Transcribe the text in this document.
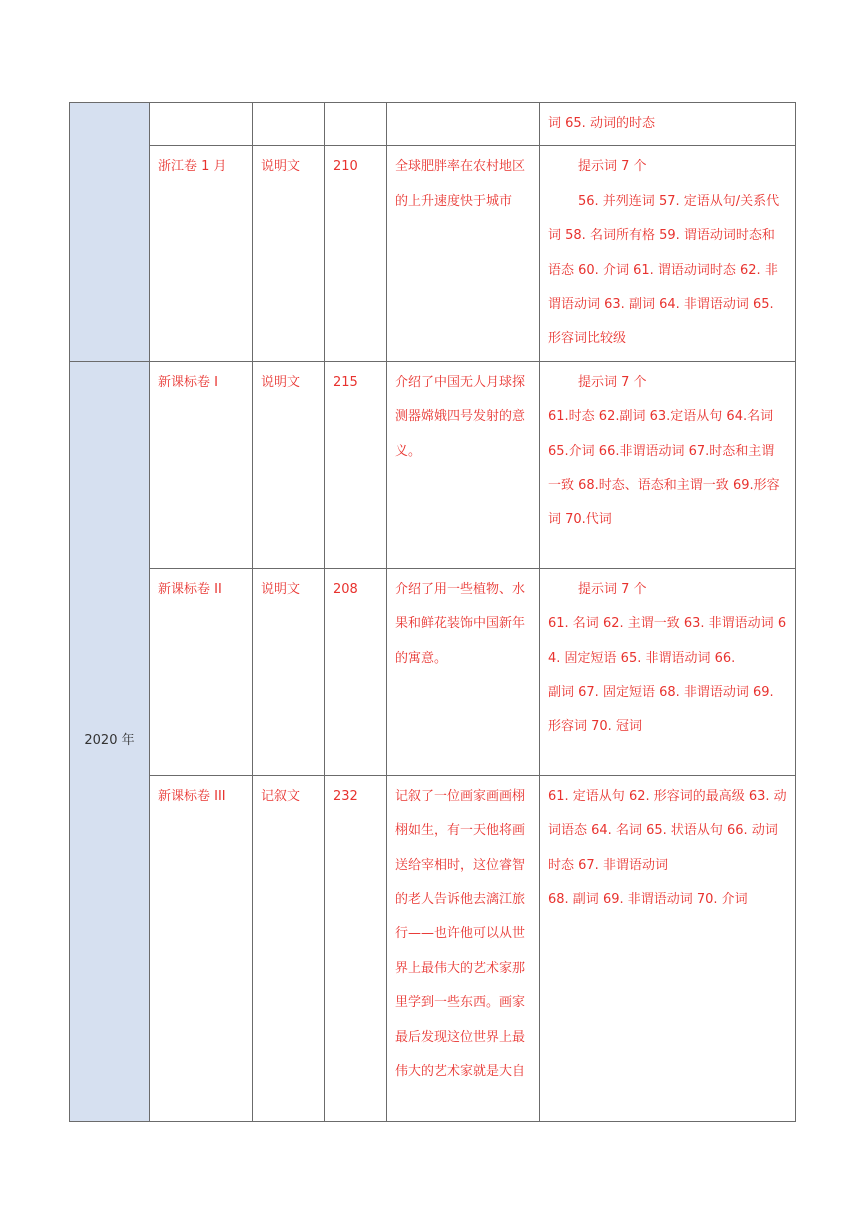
					词 65. 动词的时态
	浙江卷 1 月	说明文	210	全球肥胖率在农村地区的上升速度快于城市	提示词 7 个
56. 并列连词 57. 定语从句/关系代词 58. 名词所有格 59. 谓语动词时态和语态 60. 介词 61. 谓语动词时态 62. 非谓语动词 63. 副词 64. 非谓语动词 65. 形容词比较级

2020 年	新课标卷 I	说明文	215	介绍了中国无人月球探测器嫦娥四号发射的意义。	提示词 7 个
61.时态 62.副词 63.定语从句 64.名词
65.介词 66.非谓语动词 67.时态和主谓一致 68.时态、语态和主谓一致 69.形容词 70.代词

	新课标卷 II	说明文	208	介绍了用一些植物、水果和鲜花装饰中国新年的寓意。	提示词 7 个
61. 名词 62. 主谓一致 63. 非谓语动词 64. 固定短语 65. 非谓语动词 66.
副词 67. 固定短语 68. 非谓语动词 69. 形容词 70. 冠词

	新课标卷 III	记叙文	232	记叙了一位画家画画栩栩如生，有一天他将画送给宰相时，这位睿智的老人告诉他去漓江旅行——也许他可以从世界上最伟大的艺术家那里学到一些东西。画家最后发现这位世界上最伟大的艺术家就是大自	61. 定语从句 62. 形容词的最高级 63. 动词语态 64. 名词 65. 状语从句 66. 动词时态 67. 非谓语动词
68. 副词 69. 非谓语动词 70. 介词
